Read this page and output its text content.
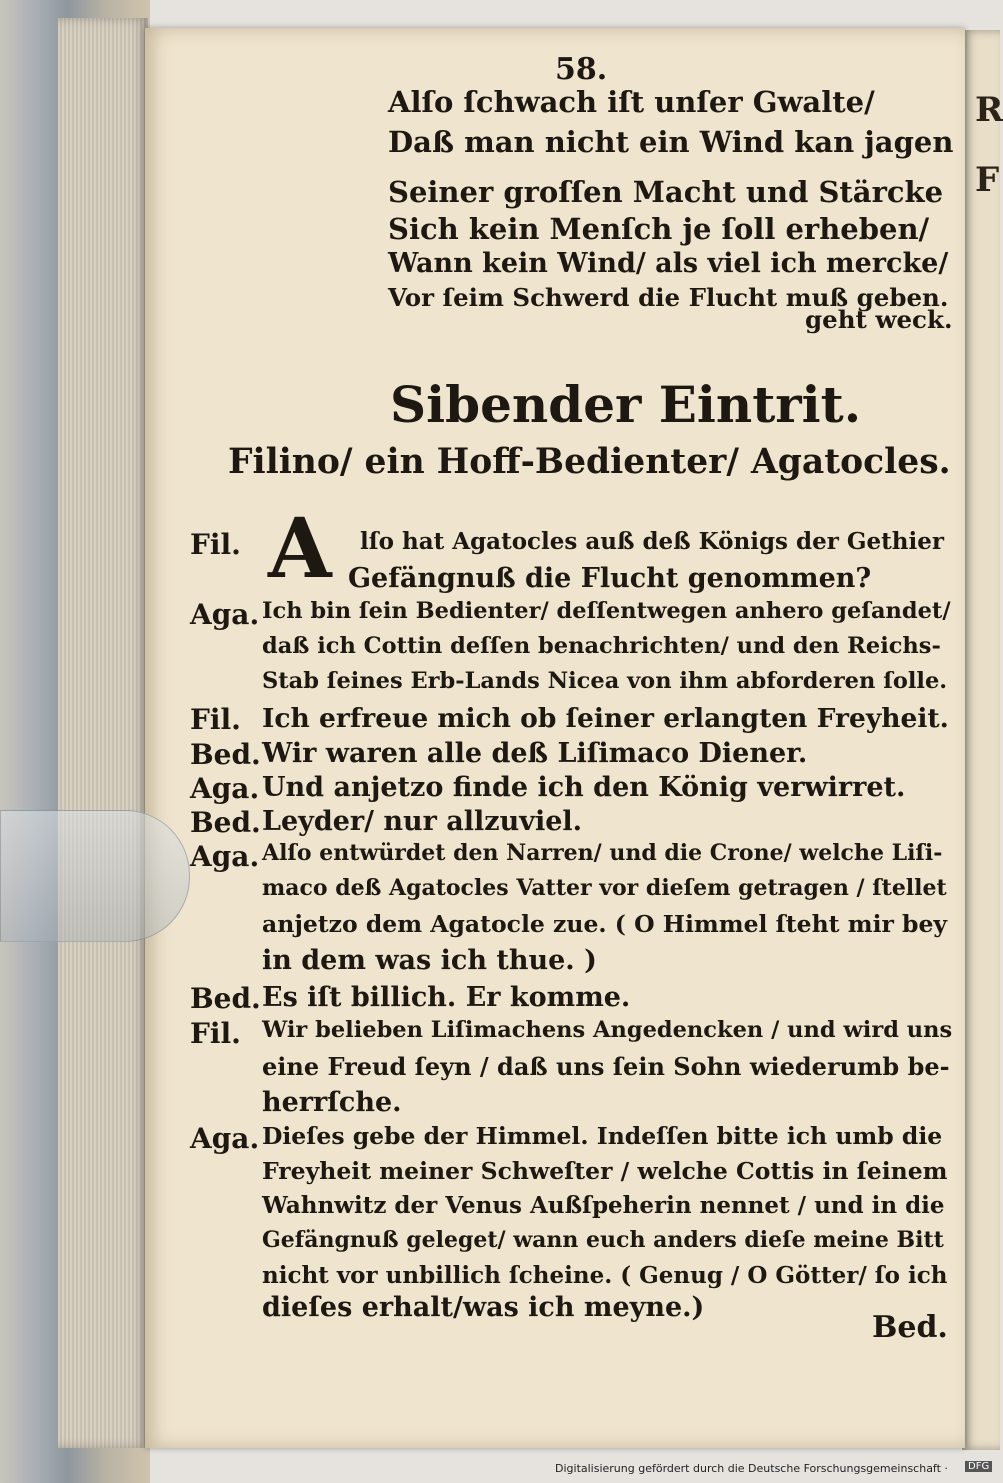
R
F
58.
Alſo ſchwach iſt unſer Gwalte/
Daß man nicht ein Wind kan jagen
Seiner groſſen Macht und Stärcke
Sich kein Menſch je ſoll erheben/
Wann kein Wind/ als viel ich mercke/
Vor ſeim Schwerd die Flucht muß geben.
geht weck.
Sibender Eintrit.
Filino/ ein Hoff-Bedienter/ Agatocles.
A
Fil.	lſo hat Agatocles auß deß Königs der Gethier
Gefängnuß die Flucht genommen?
Aga. Ich bin ſein Bedienter/ deſſentwegen anhero geſandet/
daß ich Cottin deſſen benachrichten/ und den Reichs-
Stab ſeines Erb-Lands Nicea von ihm abforderen ſolle.
Fil. Ich erfreue mich ob ſeiner erlangten Freyheit.
Bed. Wir waren alle deß Liſimaco Diener.
Aga. Und anjetzo finde ich den König verwirret.
Bed. Leyder/ nur allzuviel.
Aga. Alſo entwürdet den Narren/ und die Crone/ welche Liſi-
maco deß Agatocles Vatter vor dieſem getragen / ſtellet
anjetzo dem Agatocle zue. ( O Himmel ſteht mir bey
in dem was ich thue. )
Bed. Es iſt billich. Er komme.
Fil. Wir belieben Liſimachens Angedencken / und wird uns
eine Freud ſeyn / daß uns ſein Sohn wiederumb be-
herrſche.
Aga. Dieſes gebe der Himmel. Indeſſen bitte ich umb die
Freyheit meiner Schweſter / welche Cottis in ſeinem
Wahnwitz der Venus Außſpeherin nennet / und in die
Gefängnuß geleget/ wann euch anders dieſe meine Bitt
nicht vor unbillich ſcheine. ( Genug / O Götter/ ſo ich
dieſes erhalt/was ich meyne.)
Bed.
Digitalisierung gefördert durch die Deutsche Forschungsgemeinschaft ·	DFG
